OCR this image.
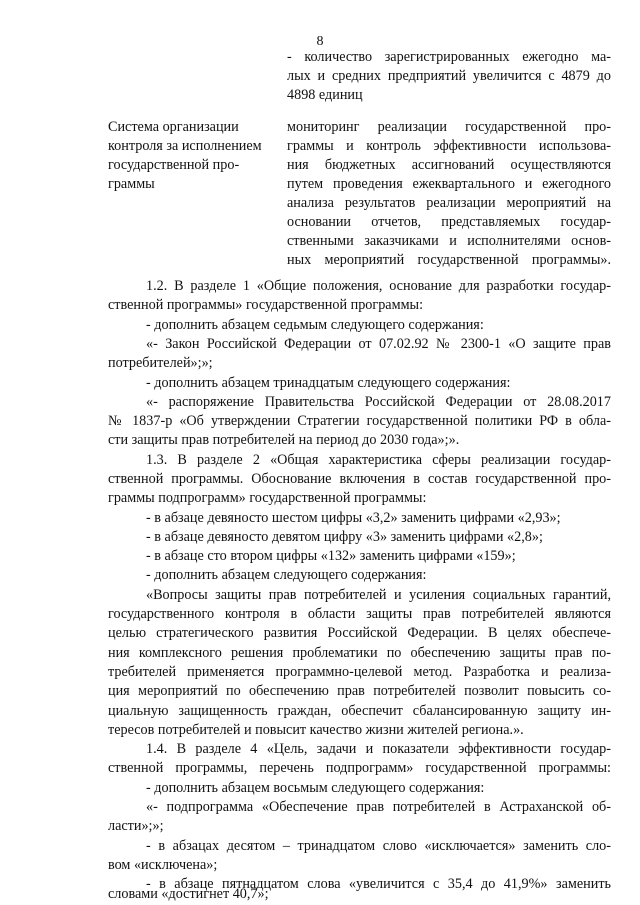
8
- количество зарегистрированных ежегодно ма-
лых и средних предприятий увеличится с 4879 до
4898 единиц
Система организации
контроля за исполнением
государственной про-
граммы
мониторинг реализации государственной про-
граммы и контроль эффективности использова-
ния бюджетных ассигнований осуществляются
путем проведения ежеквартального и ежегодного
анализа результатов реализации мероприятий на
основании отчетов, представляемых государ-
ственными заказчиками и исполнителями основ-
ных мероприятий государственной программы».
1.2. В разделе 1 «Общие положения, основание для разработки государ-
ственной программы» государственной программы:
- дополнить абзацем седьмым следующего содержания:
«- Закон Российской Федерации от 07.02.92 № 2300-1 «О защите прав
потребителей»;»;
- дополнить абзацем тринадцатым следующего содержания:
«- распоряжение Правительства Российской Федерации от 28.08.2017
№ 1837-р «Об утверждении Стратегии государственной политики РФ в обла-
сти защиты прав потребителей на период до 2030 года»;».
1.3. В разделе 2 «Общая характеристика сферы реализации государ-
ственной программы. Обоснование включения в состав государственной про-
граммы подпрограмм» государственной программы:
- в абзаце девяносто шестом цифры «3,2» заменить цифрами «2,93»;
- в абзаце девяносто девятом цифру «3» заменить цифрами «2,8»;
- в абзаце сто втором цифры «132» заменить цифрами «159»;
- дополнить абзацем следующего содержания:
«Вопросы защиты прав потребителей и усиления социальных гарантий,
государственного контроля в области защиты прав потребителей являются
целью стратегического развития Российской Федерации. В целях обеспече-
ния комплексного решения проблематики по обеспечению защиты прав по-
требителей применяется программно-целевой метод. Разработка и реализа-
ция мероприятий по обеспечению прав потребителей позволит повысить со-
циальную защищенность граждан, обеспечит сбалансированную защиту ин-
тересов потребителей и повысит качество жизни жителей региона.».
1.4. В разделе 4 «Цель, задачи и показатели эффективности государ-
ственной программы, перечень подпрограмм» государственной программы:
- дополнить абзацем восьмым следующего содержания:
«- подпрограмма «Обеспечение прав потребителей в Астраханской об-
ласти»;»;
- в абзацах десятом – тринадцатом слово «исключается» заменить сло-
вом «исключена»;
- в абзаце пятнадцатом слова «увеличится с 35,4 до 41,9%» заменить
словами «достигнет 40,7»;
